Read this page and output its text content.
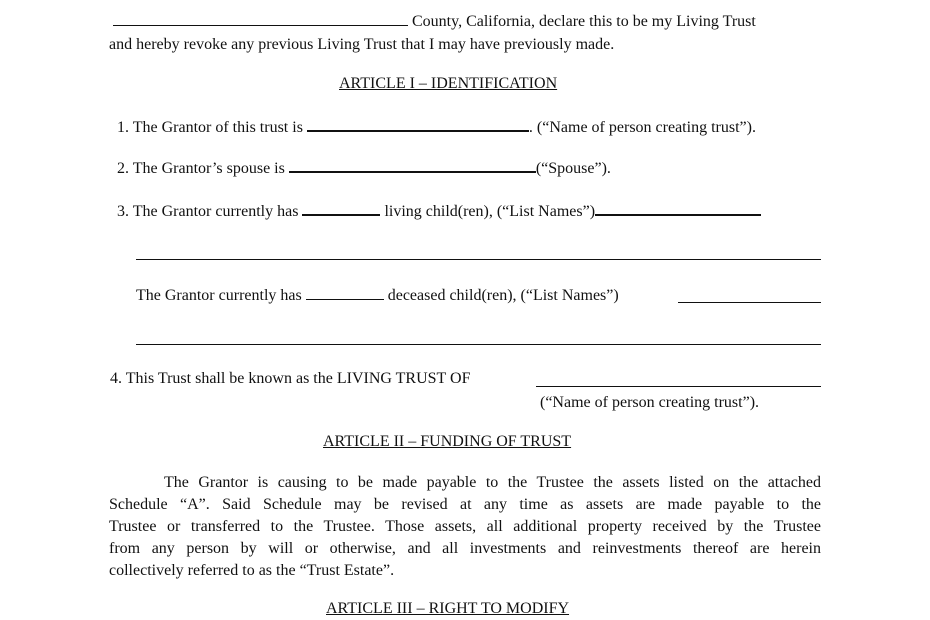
County, California, declare this to be my Living Trust
and hereby revoke any previous Living Trust that I may have previously made.
ARTICLE I – IDENTIFICATION
1. The Grantor of this trust is	. (“Name of person creating trust”).
2. The Grantor’s spouse is	(“Spouse”).
3. The Grantor currently has	living child(ren), (“List Names”)
The Grantor currently has	deceased child(ren), (“List Names”)
4. This Trust shall be known as the LIVING TRUST OF
(“Name of person creating trust”).
ARTICLE II – FUNDING OF TRUST
The Grantor is causing to be made payable to the Trustee the assets listed on the attached
Schedule “A”. Said Schedule may be revised at any time as assets are made payable to the
Trustee or transferred to the Trustee. Those assets, all additional property received by the Trustee
from any person by will or otherwise, and all investments and reinvestments thereof are herein
collectively referred to as the “Trust Estate”.
ARTICLE III – RIGHT TO MODIFY
